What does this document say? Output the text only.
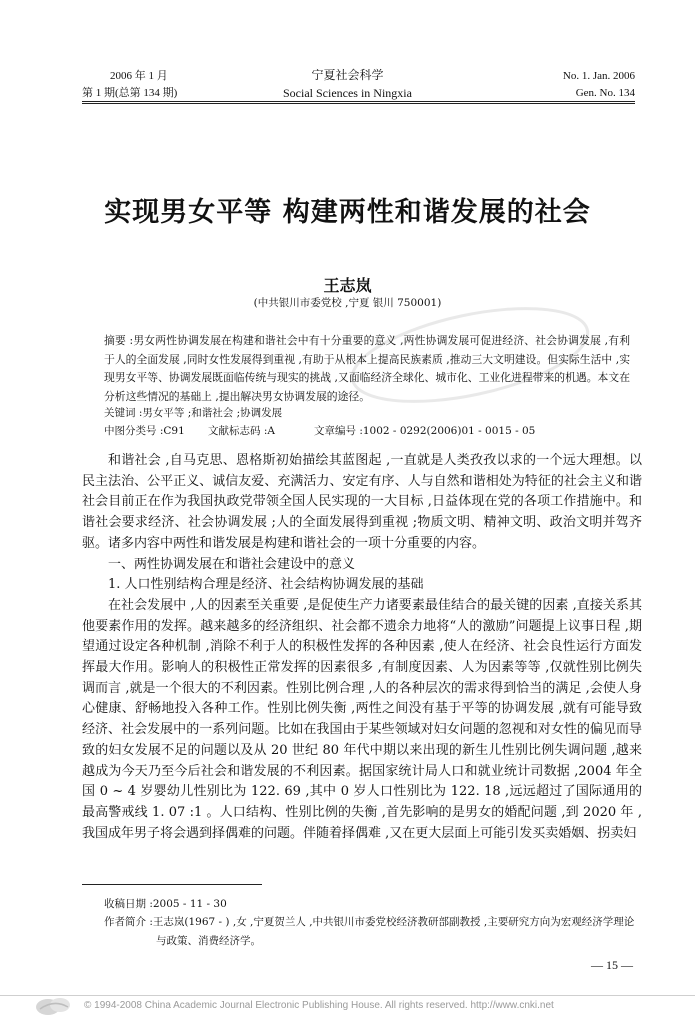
2006 年 1 月
第 1 期(总第 134 期)
宁夏社会科学
Social Sciences in Ningxia
No. 1. Jan. 2006
Gen. No. 134
实现男女平等 构建两性和谐发展的社会
王志岚
(中共银川市委党校 ,宁夏 银川 750001)
摘要 :男女两性协调发展在构建和谐社会中有十分重要的意义 ,两性协调发展可促进经济、社会协调发展 ,有利于人的全面发展 ,同时女性发展得到重视 ,有助于从根本上提高民族素质 ,推动三大文明建设。但实际生活中 ,实现男女平等、协调发展既面临传统与现实的挑战 ,又面临经济全球化、城市化、工业化进程带来的机遇。本文在分析这些情况的基础上 ,提出解决男女协调发展的途径。
关键词 :男女平等 ;和谐社会 ;协调发展
中图分类号 :C91 文献标志码 :A	文章编号 :1002 - 0292(2006)01 - 0015 - 05

和谐社会 ,自马克思、恩格斯初始描绘其蓝图起 ,一直就是人类孜孜以求的一个远大理想。以民主法治、公平正义、诚信友爱、充满活力、安定有序、人与自然和谐相处为特征的社会主义和谐社会目前正在作为我国执政党带领全国人民实现的一大目标 ,日益体现在党的各项工作措施中。和谐社会要求经济、社会协调发展 ;人的全面发展得到重视 ;物质文明、精神文明、政治文明并驾齐驱。诸多内容中两性和谐发展是构建和谐社会的一项十分重要的内容。

一、两性协调发展在和谐社会建设中的意义

1. 人口性别结构合理是经济、社会结构协调发展的基础

在社会发展中 ,人的因素至关重要 ,是促使生产力诸要素最佳结合的最关键的因素 ,直接关系其他要素作用的发挥。越来越多的经济组织、社会都不遗余力地将“人的激励”问题提上议事日程 ,期望通过设定各种机制 ,消除不利于人的积极性发挥的各种因素 ,使人在经济、社会良性运行方面发挥最大作用。影响人的积极性正常发挥的因素很多 ,有制度因素、人为因素等等 ,仅就性别比例失调而言 ,就是一个很大的不利因素。性别比例合理 ,人的各种层次的需求得到恰当的满足 ,会使人身心健康、舒畅地投入各种工作。性别比例失衡 ,两性之间没有基于平等的协调发展 ,就有可能导致经济、社会发展中的一系列问题。比如在我国由于某些领域对妇女问题的忽视和对女性的偏见而导致的妇女发展不足的问题以及从 20 世纪 80 年代中期以来出现的新生儿性别比例失调问题 ,越来越成为今天乃至今后社会和谐发展的不利因素。据国家统计局人口和就业统计司数据 ,2004 年全国 0 ~ 4 岁婴幼儿性别比为 122. 69 ,其中 0 岁人口性别比为 122. 18 ,远远超过了国际通用的最高警戒线 1. 07 :1 。人口结构、性别比例的失衡 ,首先影响的是男女的婚配问题 ,到 2020 年 ,我国成年男子将会遇到择偶难的问题。伴随着择偶难 ,又在更大层面上可能引发买卖婚姻、拐卖妇

收稿日期 :2005 - 11 - 30
作者简介 :王志岚(1967 - ) ,女 ,宁夏贺兰人 ,中共银川市委党校经济教研部副教授 ,主要研究方向为宏观经济学理论与政策、消费经济学。
— 15 —
© 1994-2008 China Academic Journal Electronic Publishing House. All rights reserved. http://www.cnki.net
